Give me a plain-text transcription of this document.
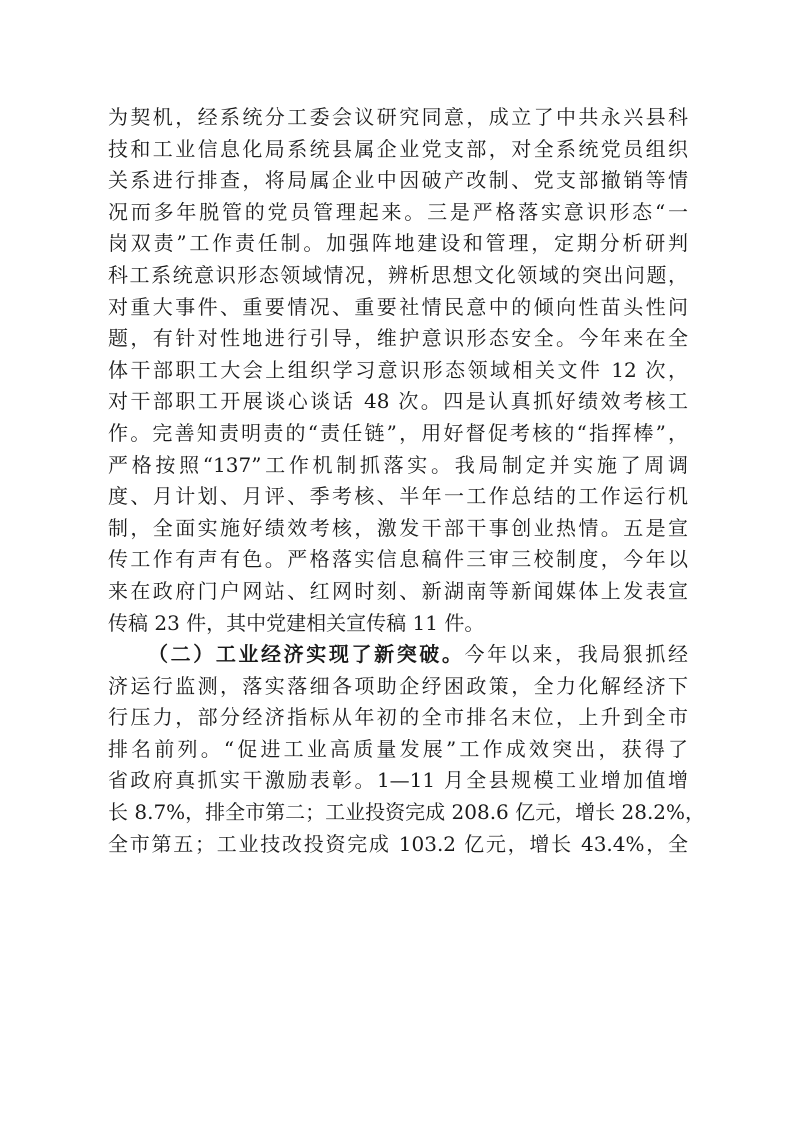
为契机，经系统分工委会议研究同意，成立了中共永兴县科
技和工业信息化局系统县属企业党支部，对全系统党员组织
关系进行排查，将局属企业中因破产改制、党支部撤销等情
况而多年脱管的党员管理起来。三是严格落实意识形态“一
岗双责”工作责任制。加强阵地建设和管理，定期分析研判
科工系统意识形态领域情况，辨析思想文化领域的突出问题，
对重大事件、重要情况、重要社情民意中的倾向性苗头性问
题，有针对性地进行引导，维护意识形态安全。今年来在全
体干部职工大会上组织学习意识形态领域相关文件 12 次，
对干部职工开展谈心谈话 48 次。四是认真抓好绩效考核工
作。完善知责明责的“责任链”，用好督促考核的“指挥棒”，
严格按照“137”工作机制抓落实。我局制定并实施了周调
度、月计划、月评、季考核、半年一工作总结的工作运行机
制，全面实施好绩效考核，激发干部干事创业热情。五是宣
传工作有声有色。严格落实信息稿件三审三校制度，今年以
来在政府门户网站、红网时刻、新湖南等新闻媒体上发表宣
传稿 23 件，其中党建相关宣传稿 11 件。
（二）工业经济实现了新突破。今年以来，我局狠抓经
济运行监测，落实落细各项助企纾困政策，全力化解经济下
行压力，部分经济指标从年初的全市排名末位，上升到全市
排名前列。“促进工业高质量发展”工作成效突出，获得了
省政府真抓实干激励表彰。1—11 月全县规模工业增加值增
长 8.7%，排全市第二；工业投资完成 208.6 亿元，增长 28.2%，
全市第五；工业技改投资完成 103.2 亿元，增长 43.4%，全
